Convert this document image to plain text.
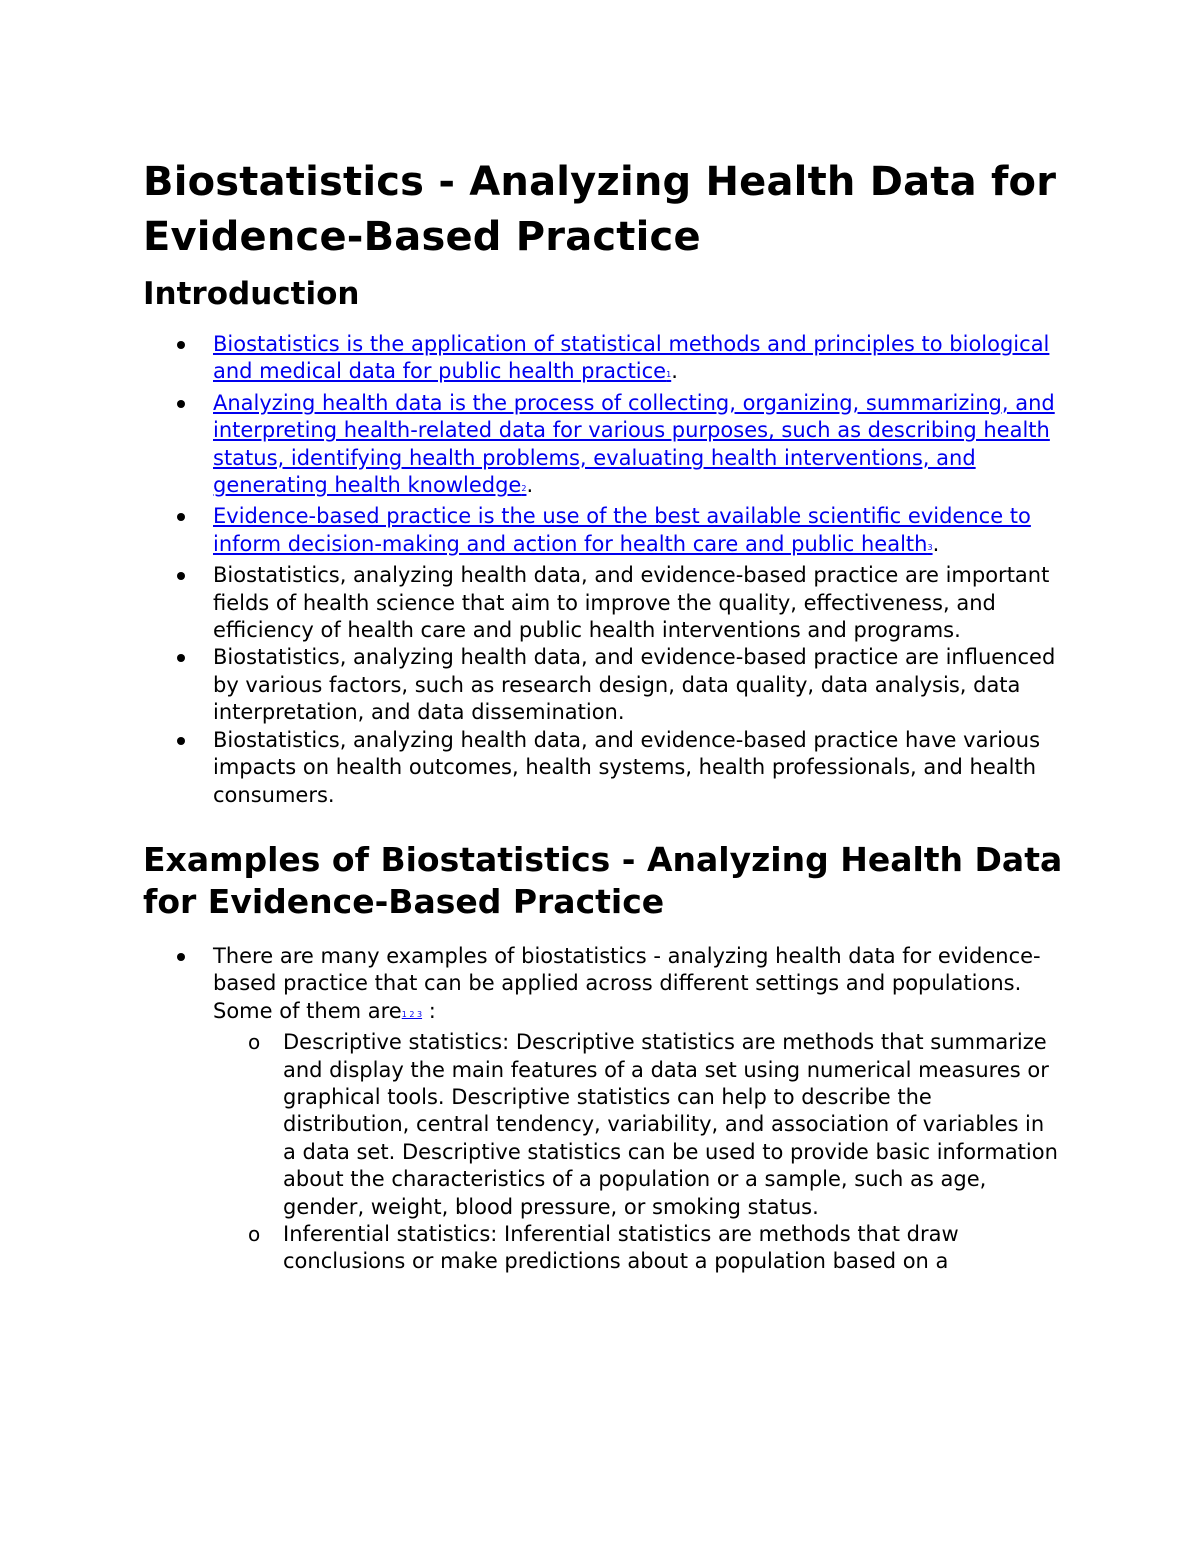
Biostatistics - Analyzing Health Data for Evidence-Based Practice
Introduction
Biostatistics is the application of statistical methods and principles to biological and medical data for public health practice$^1$.
Analyzing health data is the process of collecting, organizing, summarizing, and interpreting health-related data for various purposes, such as describing health status, identifying health problems, evaluating health interventions, and generating health knowledge$^2$.
Evidence-based practice is the use of the best available scientific evidence to inform decision-making and action for health care and public health$^3$.
Biostatistics, analyzing health data, and evidence-based practice are important fields of health science that aim to improve the quality, effectiveness, and efficiency of health care and public health interventions and programs.
Biostatistics, analyzing health data, and evidence-based practice are influenced by various factors, such as research design, data quality, data analysis, data interpretation, and data dissemination.
Biostatistics, analyzing health data, and evidence-based practice have various impacts on health outcomes, health systems, health professionals, and health consumers.
Examples of Biostatistics - Analyzing Health Data for Evidence-Based Practice
There are many examples of biostatistics - analyzing health data for evidence-based practice that can be applied across different settings and populations. Some of them are$^{1 2 3}$ :
o Descriptive statistics: Descriptive statistics are methods that summarize and display the main features of a data set using numerical measures or graphical tools. Descriptive statistics can help to describe the distribution, central tendency, variability, and association of variables in a data set. Descriptive statistics can be used to provide basic information about the characteristics of a population or a sample, such as age, gender, weight, blood pressure, or smoking status.
o Inferential statistics: Inferential statistics are methods that draw conclusions or make predictions about a population based on a
